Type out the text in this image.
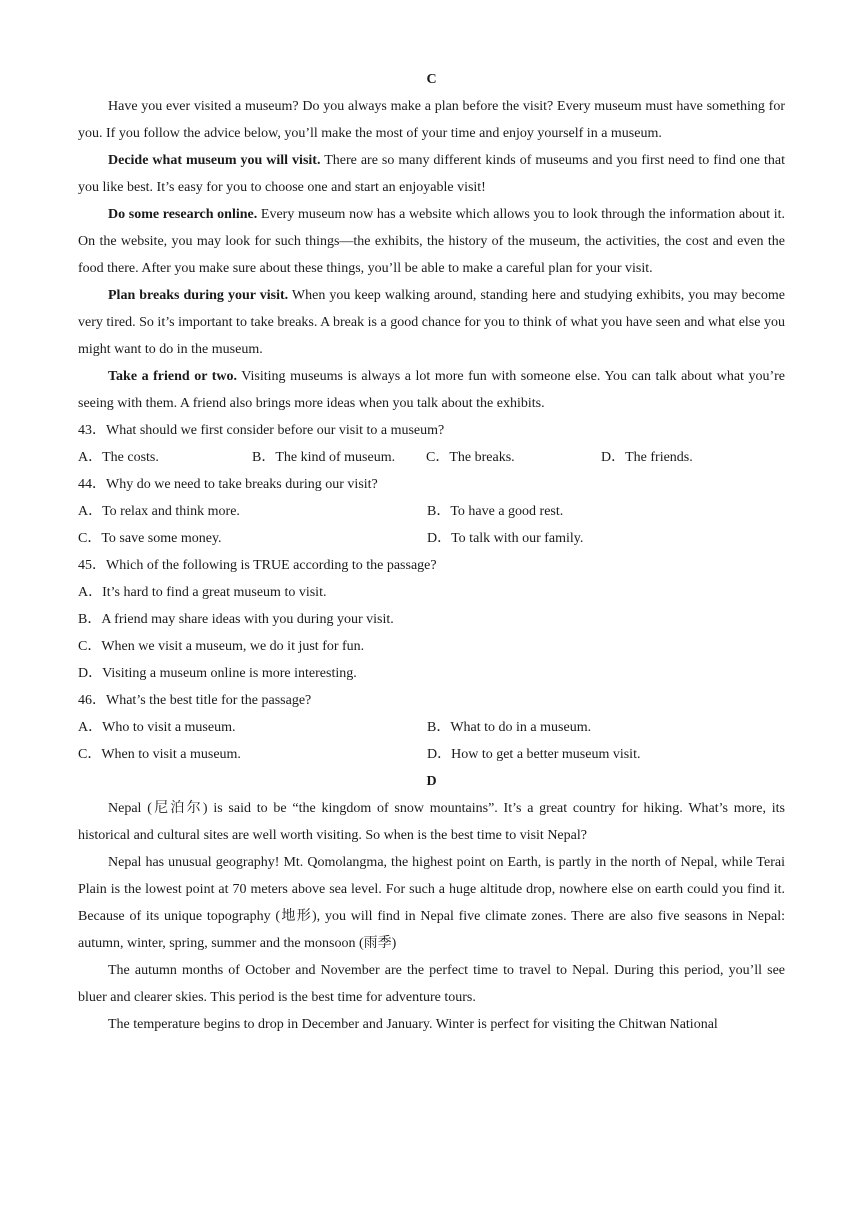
C

Have you ever visited a museum? Do you always make a plan before the visit? Every museum must have something for you. If you follow the advice below, you’ll make the most of your time and enjoy yourself in a museum.

Decide what museum you will visit. There are so many different kinds of museums and you first need to find one that you like best. It’s easy for you to choose one and start an enjoyable visit!

Do some research online. Every museum now has a website which allows you to look through the information about it. On the website, you may look for such things—the exhibits, the history of the museum, the activities, the cost and even the food there. After you make sure about these things, you’ll be able to make a careful plan for your visit.

Plan breaks during your visit. When you keep walking around, standing here and studying exhibits, you may become very tired. So it’s important to take breaks. A break is a good chance for you to think of what you have seen and what else you might want to do in the museum.

Take a friend or two. Visiting museums is always a lot more fun with someone else. You can talk about what you’re seeing with them. A friend also brings more ideas when you talk about the exhibits.

43．What should we first consider before our visit to a museum?

A．The costs.	B．The kind of museum.	C．The breaks.	D．The friends.

44．Why do we need to take breaks during our visit?

A．To relax and think more.	B．To have a good rest.
C．To save some money.	D．To talk with our family.

45．Which of the following is TRUE according to the passage?

A．It’s hard to find a great museum to visit.

B．A friend may share ideas with you during your visit.

C．When we visit a museum, we do it just for fun.

D．Visiting a museum online is more interesting.

46．What’s the best title for the passage?

A．Who to visit a museum.	B．What to do in a museum.
C．When to visit a museum.	D．How to get a better museum visit.

D

Nepal (尼泊尔) is said to be “the kingdom of snow mountains”. It’s a great country for hiking. What’s more, its historical and cultural sites are well worth visiting. So when is the best time to visit Nepal?

Nepal has unusual geography! Mt. Qomolangma, the highest point on Earth, is partly in the north of Nepal, while Terai Plain is the lowest point at 70 meters above sea level. For such a huge altitude drop, nowhere else on earth could you find it. Because of its unique topography (地形), you will find in Nepal five climate zones. There are also five seasons in Nepal: autumn, winter, spring, summer and the monsoon (雨季)

The autumn months of October and November are the perfect time to travel to Nepal. During this period, you’ll see bluer and clearer skies. This period is the best time for adventure tours.

The temperature begins to drop in December and January. Winter is perfect for visiting the Chitwan National
